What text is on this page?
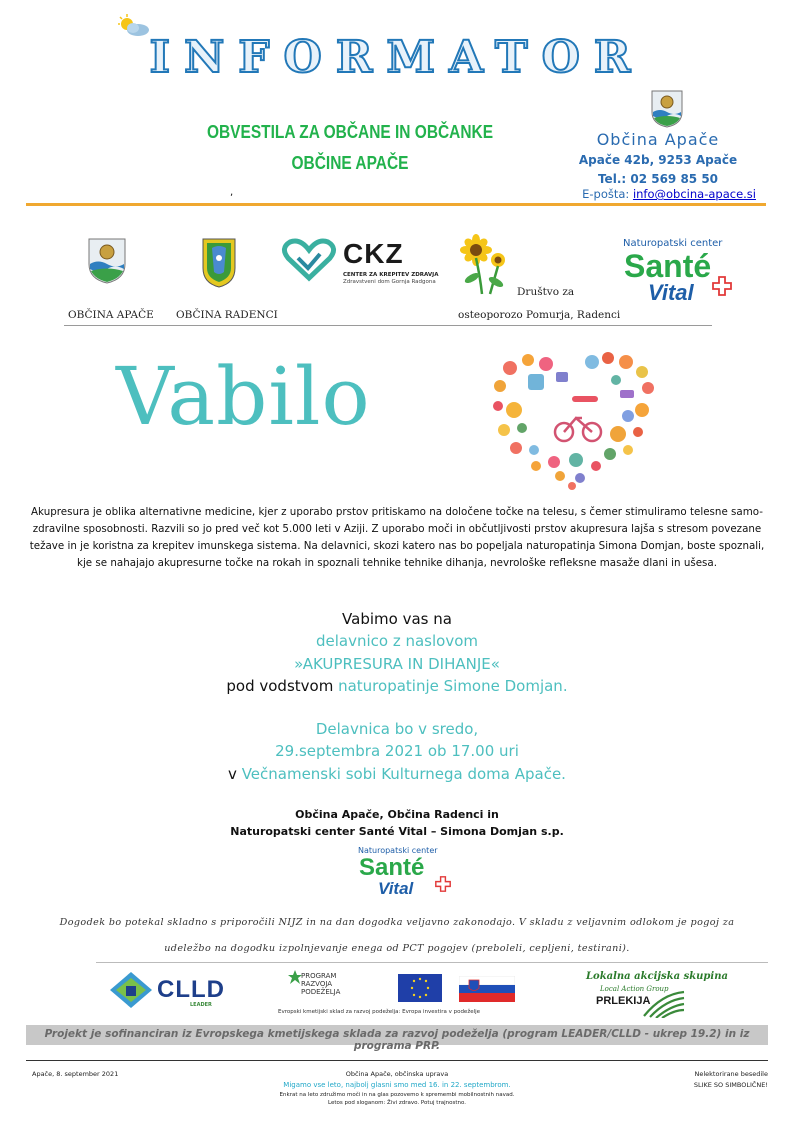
INFORMATOR
OBVESTILA ZA OBČANE IN OBČANKE
OBČINE APAČE
,
Občina Apače
Apače 42b, 9253 Apače
Tel.: 02 569 85 50
E-pošta: info@obcina-apace.si
OBČINA APAČE OBČINA RADENCI
CKZ
CENTER ZA KREPITEV ZDRAVJA
Zdravstveni dom Gornja Radgona
Društvo za
osteoporozo Pomurja, Radenci
Naturopatski center
Santé
Vital
Vabilo
Akupresura je oblika alternativne medicine, kjer z uporabo prstov pritiskamo na določene točke na telesu, s čemer stimuliramo telesne samo-zdravilne sposobnosti. Razvili so jo pred več kot 5.000 leti v Aziji. Z uporabo moči in občutljivosti prstov akupresura lajša s stresom povezane težave in je koristna za krepitev imunskega sistema. Na delavnici, skozi katero nas bo popeljala naturopatinja Simona Domjan, boste spoznali, kje se nahajajo akupresurne točke na rokah in spoznali tehnike tehnike dihanja, nevrološke refleksne masaže dlani in ušesa.
Vabimo vas na
delavnico z naslovom
»AKUPRESURA IN DIHANJE«
pod vodstvom naturopatinje Simone Domjan.
Delavnica bo v sredo,
29.septembra 2021 ob 17.00 uri
v Večnamenski sobi Kulturnega doma Apače.
Občina Apače, Občina Radenci in
Naturopatski center Santé Vital – Simona Domjan s.p.
Naturopatski center
Santé
Vital
Dogodek bo potekal skladno s priporočili NIJZ in na dan dogodka veljavno zakonodajo. V skladu z veljavnim odlokom je pogoj za udeležbo na dogodku izpolnjevanje enega od PCT pogojev (preboleli, cepljeni, testirani).
CLLD
LEADER
PROGRAM RAZVOJA PODEŽELJA
Evropski kmetijski sklad za razvoj podeželja: Evropa investira v podeželje
Lokalna akcijska skupina
Local Action Group
PRLEKIJA
Projekt je sofinanciran iz Evropskega kmetijskega sklada za razvoj podeželja (program LEADER/CLLD - ukrep 19.2) in iz programa PRP.
Apače, 8. september 2021	Občina Apače, občinska uprava
Migamo vse leto, najbolj glasni smo med 16. in 22. septembrom.
Enkrat na leto združimo moči in na glas pozovemo k spremembi mobilnostnih navad.
Letos pod sloganom: Živi zdravo. Potuj trajnostno.
Nelektorirane besedile
SLIKE SO SIMBOLIČNE!
